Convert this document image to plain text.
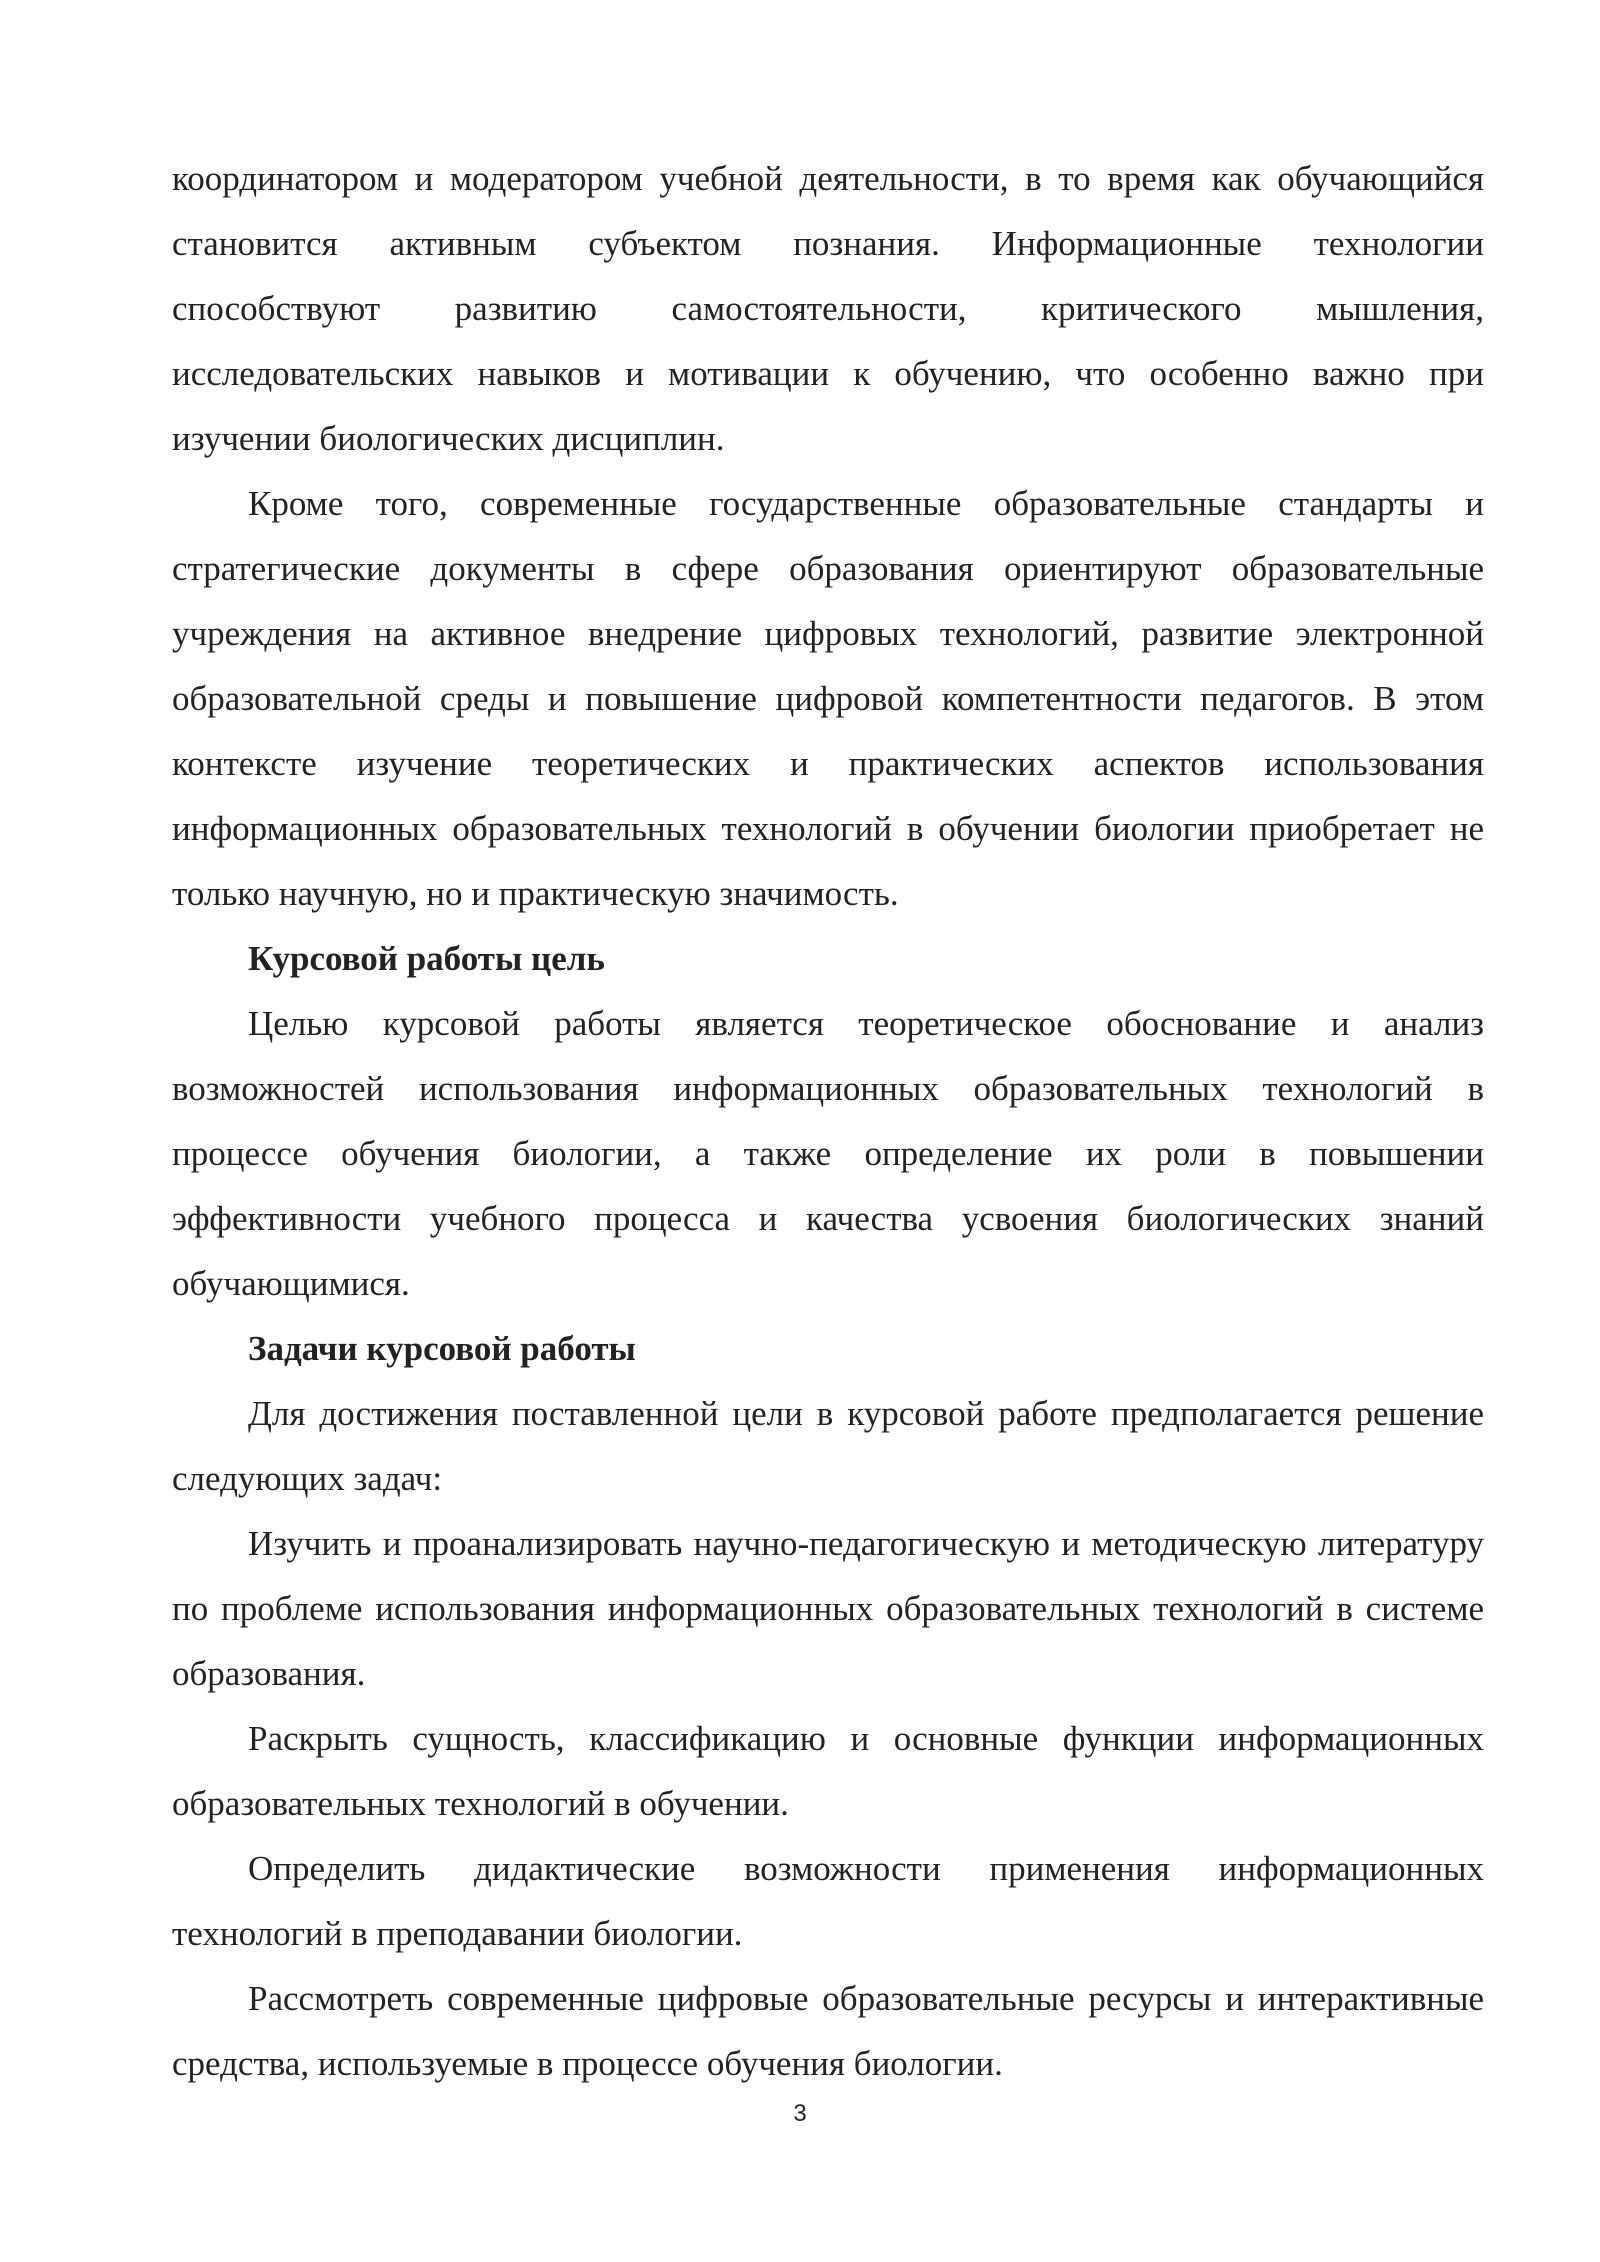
координатором и модератором учебной деятельности, в то время как обучающийся становится активным субъектом познания. Информационные технологии способствуют развитию самостоятельности, критического мышления, исследовательских навыков и мотивации к обучению, что особенно важно при изучении биологических дисциплин.

Кроме того, современные государственные образовательные стандарты и стратегические документы в сфере образования ориентируют образовательные учреждения на активное внедрение цифровых технологий, развитие электронной образовательной среды и повышение цифровой компетентности педагогов. В этом контексте изучение теоретических и практических аспектов использования информационных образовательных технологий в обучении биологии приобретает не только научную, но и практическую значимость.

Курсовой работы цель

Целью курсовой работы является теоретическое обоснование и анализ возможностей использования информационных образовательных технологий в процессе обучения биологии, а также определение их роли в повышении эффективности учебного процесса и качества усвоения биологических знаний обучающимися.

Задачи курсовой работы

Для достижения поставленной цели в курсовой работе предполагается решение следующих задач:

Изучить и проанализировать научно-педагогическую и методическую литературу по проблеме использования информационных образовательных технологий в системе образования.

Раскрыть сущность, классификацию и основные функции информационных образовательных технологий в обучении.

Определить дидактические возможности применения информационных технологий в преподавании биологии.

Рассмотреть современные цифровые образовательные ресурсы и интерактивные средства, используемые в процессе обучения биологии.

3
